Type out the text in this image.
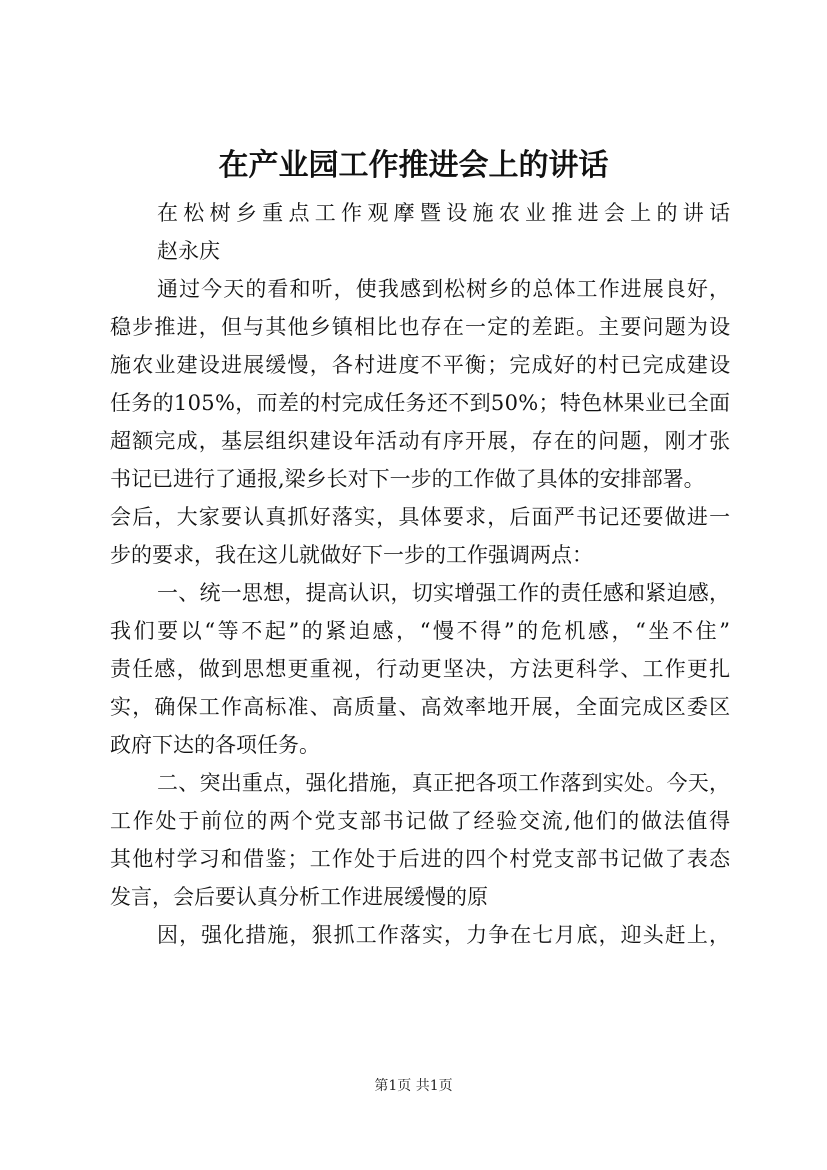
在产业园工作推进会上的讲话
在松树乡重点工作观摩暨设施农业推进会上的讲话
赵永庆
通过今天的看和听，使我感到松树乡的总体工作进展良好，
稳步推进，但与其他乡镇相比也存在一定的差距。主要问题为设
施农业建设进展缓慢，各村进度不平衡；完成好的村已完成建设
任务的105%，而差的村完成任务还不到50%；特色林果业已全面
超额完成，基层组织建设年活动有序开展，存在的问题，刚才张
书记已进行了通报,梁乡长对下一步的工作做了具体的安排部署。
会后，大家要认真抓好落实，具体要求，后面严书记还要做进一
步的要求，我在这儿就做好下一步的工作强调两点：
一、统一思想，提高认识，切实增强工作的责任感和紧迫感，
我们要以“等不起”的紧迫感，“慢不得”的危机感，“坐不住”
责任感，做到思想更重视，行动更坚决，方法更科学、工作更扎
实，确保工作高标准、高质量、高效率地开展，全面完成区委区
政府下达的各项任务。
二、突出重点，强化措施，真正把各项工作落到实处。今天，
工作处于前位的两个党支部书记做了经验交流,他们的做法值得
其他村学习和借鉴；工作处于后进的四个村党支部书记做了表态
发言，会后要认真分析工作进展缓慢的原
因，强化措施，狠抓工作落实，力争在七月底，迎头赶上，
第1页 共1页
